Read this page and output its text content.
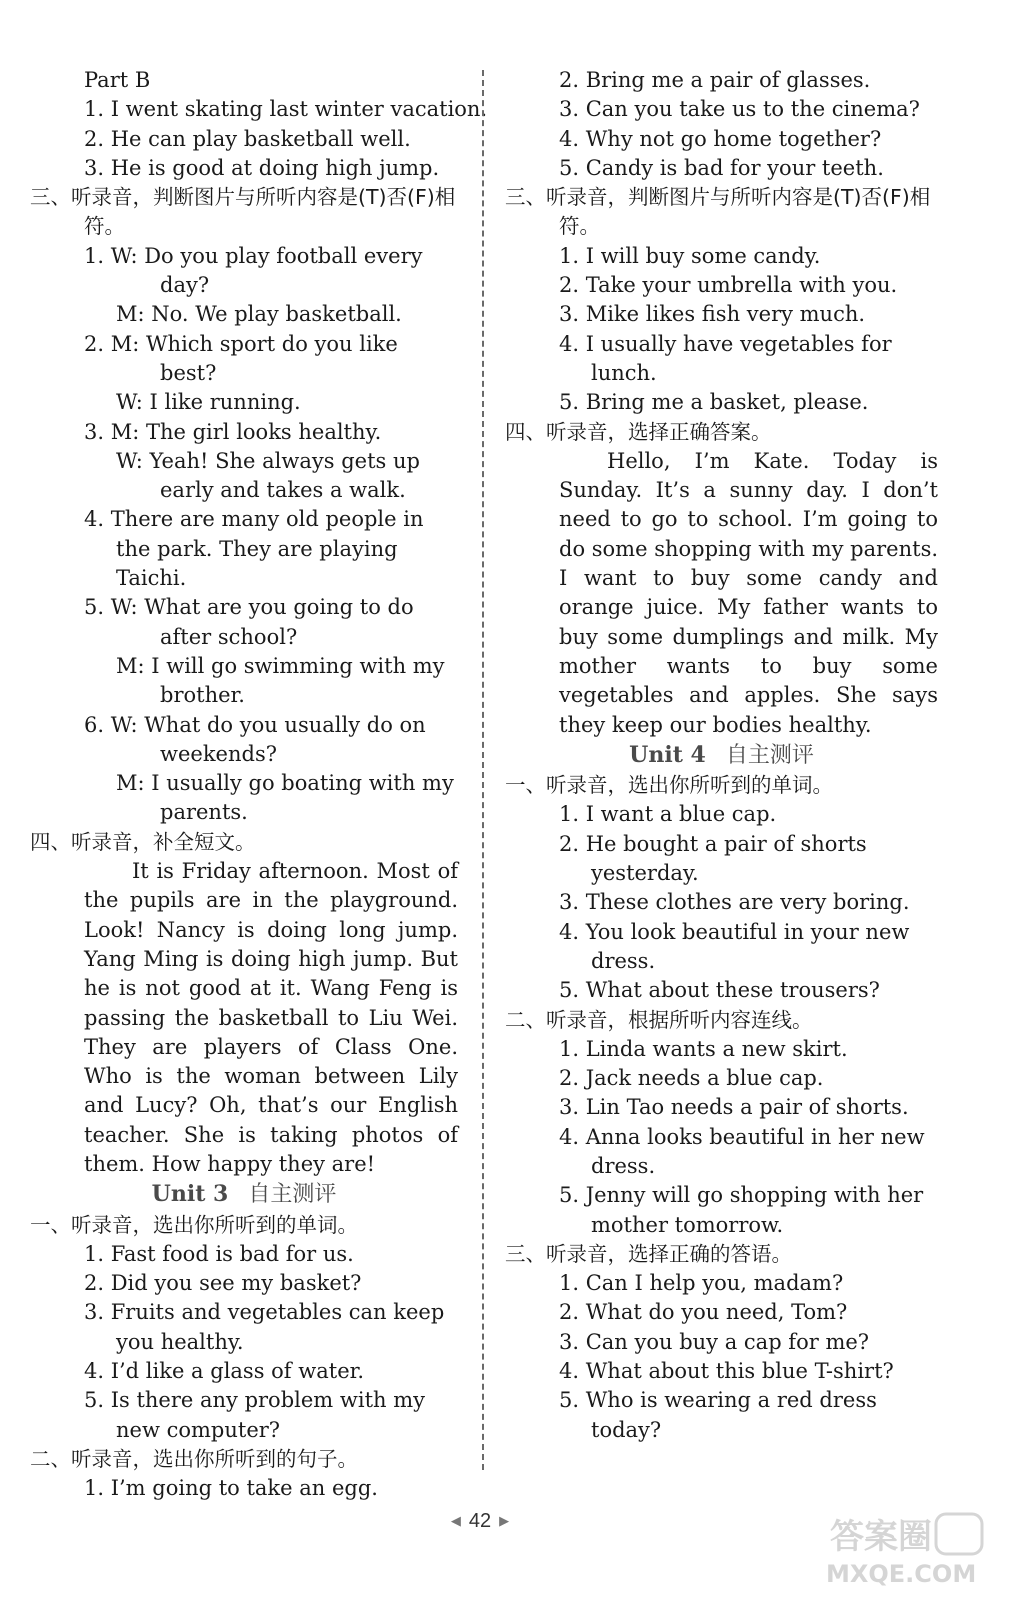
Part B
1. I went skating last winter vacation.
2. He can play basketball well.
3. He is good at doing high jump.
三、听录音，判断图片与所听内容是(T)否(F)相符。
1. W: Do you play football every day?
M: No. We play basketball.
2. M: Which sport do you like best?
W: I like running.
3. M: The girl looks healthy.
W: Yeah! She always gets up early and takes a walk.
4. There are many old people in the park. They are playing Taichi.
5. W: What are you going to do after school?
M: I will go swimming with my brother.
6. W: What do you usually do on weekends?
M: I usually go boating with my parents.
四、听录音，补全短文。
It is Friday afternoon. Most of the pupils are in the playground. Look! Nancy is doing long jump. Yang Ming is doing high jump. But he is not good at it. Wang Feng is passing the basketball to Liu Wei. They are players of Class One. Who is the woman between Lily and Lucy? Oh, that’s our English teacher. She is taking photos of them. How happy they are!
Unit 3 自主测评
一、听录音，选出你所听到的单词。
1. Fast food is bad for us.
2. Did you see my basket?
3. Fruits and vegetables can keep you healthy.
4. I’d like a glass of water.
5. Is there any problem with my new computer?
二、听录音，选出你所听到的句子。
1. I’m going to take an egg.
2. Bring me a pair of glasses.
3. Can you take us to the cinema?
4. Why not go home together?
5. Candy is bad for your teeth.
三、听录音，判断图片与所听内容是(T)否(F)相符。
1. I will buy some candy.
2. Take your umbrella with you.
3. Mike likes fish very much.
4. I usually have vegetables for lunch.
5. Bring me a basket, please.
四、听录音，选择正确答案。
Hello, I’m Kate. Today is Sunday. It’s a sunny day. I don’t need to go to school. I’m going to do some shopping with my parents. I want to buy some candy and orange juice. My father wants to buy some dumplings and milk. My mother wants to buy some vegetables and apples. She says they keep our bodies healthy.
Unit 4 自主测评
一、听录音，选出你所听到的单词。
1. I want a blue cap.
2. He bought a pair of shorts yesterday.
3. These clothes are very boring.
4. You look beautiful in your new dress.
5. What about these trousers?
二、听录音，根据所听内容连线。
1. Linda wants a new skirt.
2. Jack needs a blue cap.
3. Lin Tao needs a pair of shorts.
4. Anna looks beautiful in her new dress.
5. Jenny will go shopping with her mother tomorrow.
三、听录音，选择正确的答语。
1. Can I help you, madam?
2. What do you need, Tom?
3. Can you buy a cap for me?
4. What about this blue T-shirt?
5. Who is wearing a red dress today?
◀ 42 ▶	答案圈
MXQE.COM
